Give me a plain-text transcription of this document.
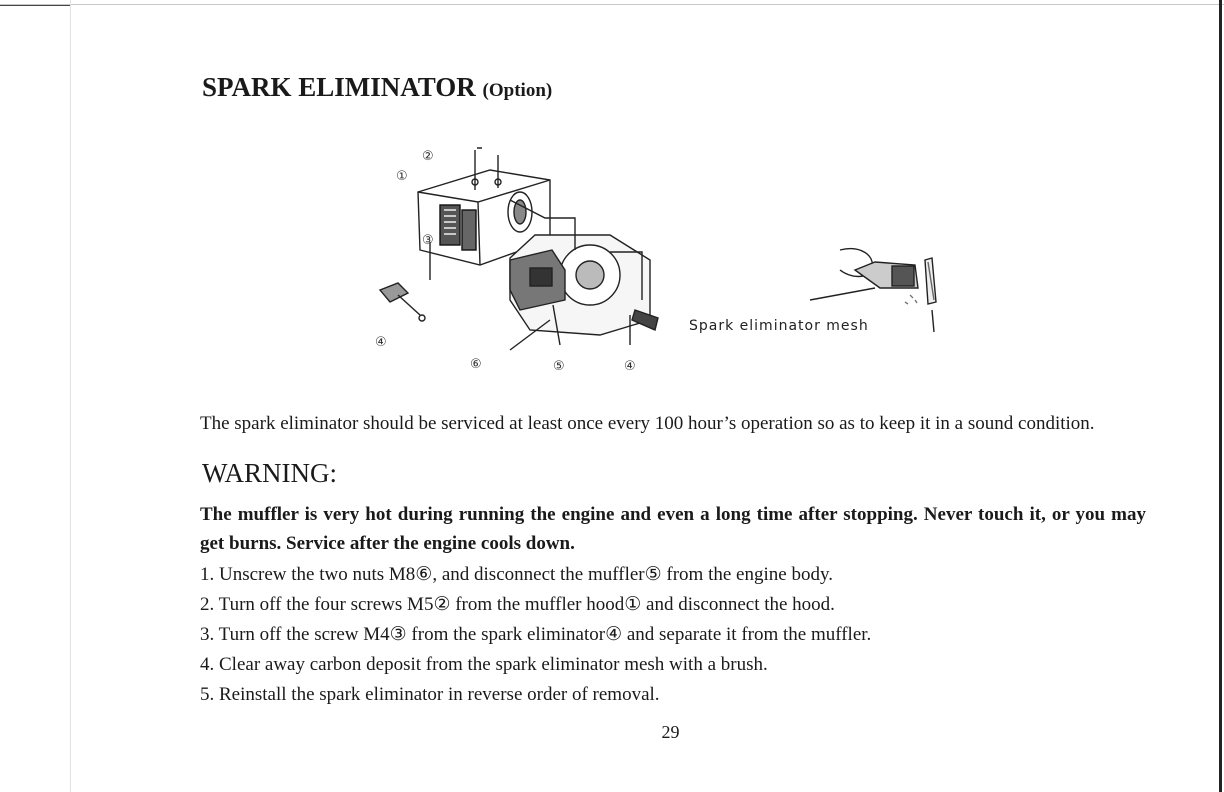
SPARK ELIMINATOR (Option)
②
①
③
④
⑥	⑤	④
Spark eliminator mesh
The spark eliminator should be serviced at least once every 100 hour’s operation so as to keep it in a sound condition.
WARNING:
The muffler is very hot during running the engine and even a long time after stopping. Never touch it, or you may get burns. Service after the engine cools down.
1. Unscrew the two nuts M8⑥, and disconnect the muffler⑤ from the engine body.
2. Turn off the four screws M5② from the muffler hood① and disconnect the hood.
3. Turn off the screw M4③ from the spark eliminator④ and separate it from the muffler.
4. Clear away carbon deposit from the spark eliminator mesh with a brush.
5. Reinstall the spark eliminator in reverse order of removal.
29
